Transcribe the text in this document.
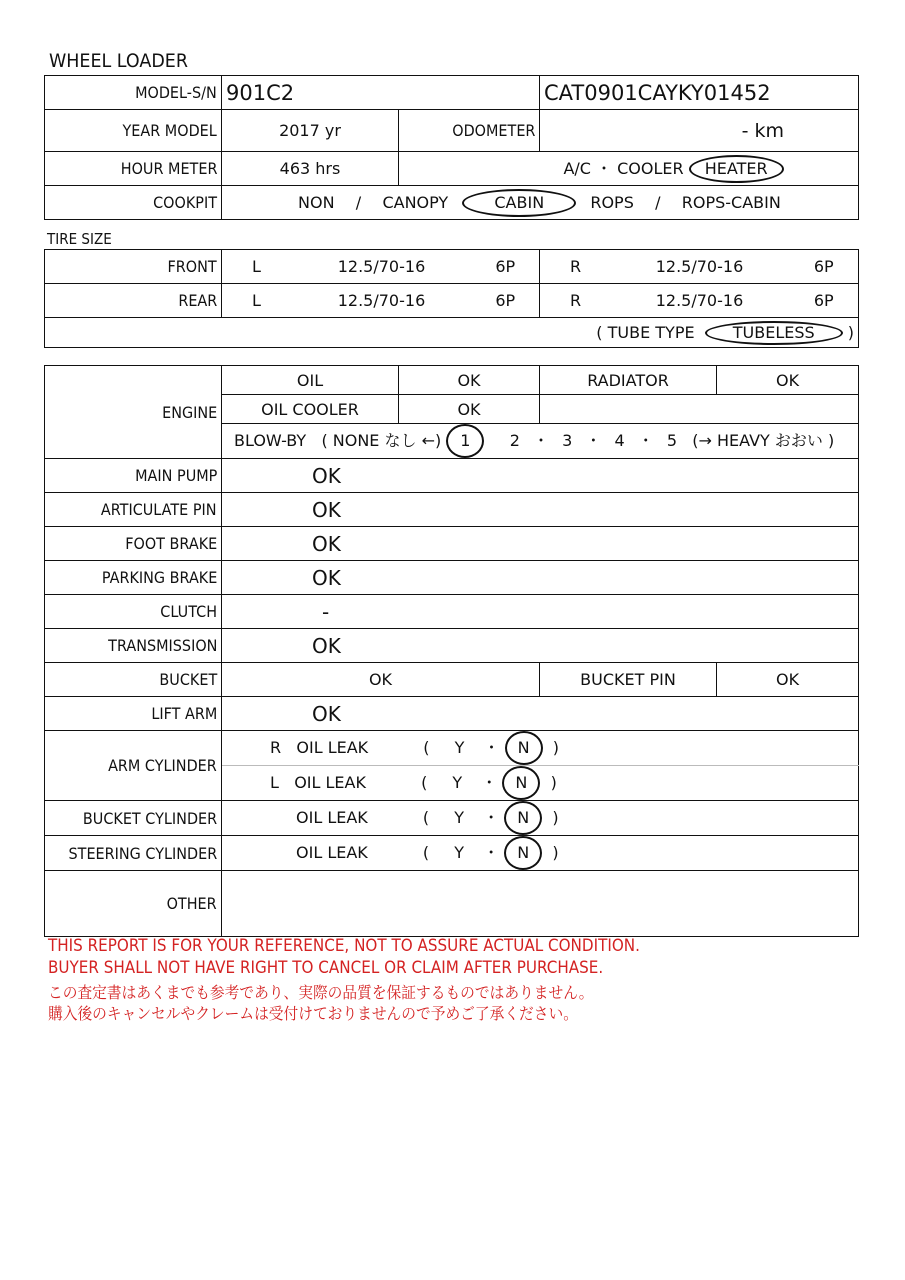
WHEEL LOADER
MODEL-S/N	901C2		CAT0901CAYKY01452
YEAR MODEL	2017 yr	ODOMETER	- km
HOUR METER	463 hrs	A/C ・ COOLER HEATER	
COOKPIT	NON / CANOPY CABIN ROPS / ROPS-CABIN		
TIRE SIZE
FRONT	L	12.5/70-16	6P	R	12.5/70-16	6P
REAR	L	12.5/70-16	6P	R	12.5/70-16	6P
( TUBE TYPE TUBELESS )						
ENGINE	OIL	OK	RADIATOR	OK
	OIL COOLER	OK		
	BLOW-BY ( NONE なし ←) 1 2 ・ 3 ・ 4 ・ 5 (→ HEAVY おおい )			
MAIN PUMP	OK			
ARTICULATE PIN	OK			
FOOT BRAKE	OK			
PARKING BRAKE	OK			
CLUTCH	-			
TRANSMISSION	OK			
BUCKET	OK		BUCKET PIN	OK
LIFT ARM	OK			
ARM CYLINDER	R OIL LEAK ( Y ・ N )			
	L OIL LEAK ( Y ・ N )			
BUCKET CYLINDER	OIL LEAK ( Y ・ N )			
STEERING CYLINDER	OIL LEAK ( Y ・ N )			
OTHER				
THIS REPORT IS FOR YOUR REFERENCE, NOT TO ASSURE ACTUAL CONDITION.
BUYER SHALL NOT HAVE RIGHT TO CANCEL OR CLAIM AFTER PURCHASE.
この査定書はあくまでも参考であり、実際の品質を保証するものではありません。
購入後のキャンセルやクレームは受付けておりませんので予めご了承ください。
